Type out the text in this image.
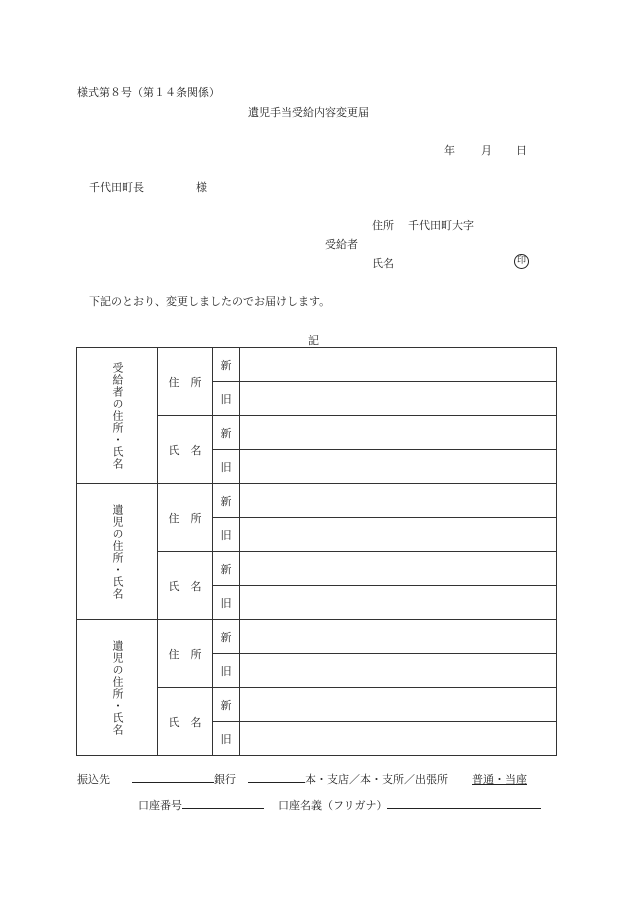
様式第８号（第１４条関係）
遺児手当受給内容変更届
年 月 日
千代田町長	様
住所 千代田町大字
受給者
氏名	印
下記のとおり、変更しましたのでお届けします。
記
受給者の住所・氏名	住　所	新	
		旧	
	氏　名	新	
		旧	

遺児の住所・氏名	住　所	新	
		旧	
	氏　名	新	
		旧	

遺児の住所・氏名	住　所	新	
		旧	
	氏　名	新	
		旧	
振込先	銀行	本・支店／本・支所／出張所 普通・当座
口座番号	口座名義（フリガナ）
